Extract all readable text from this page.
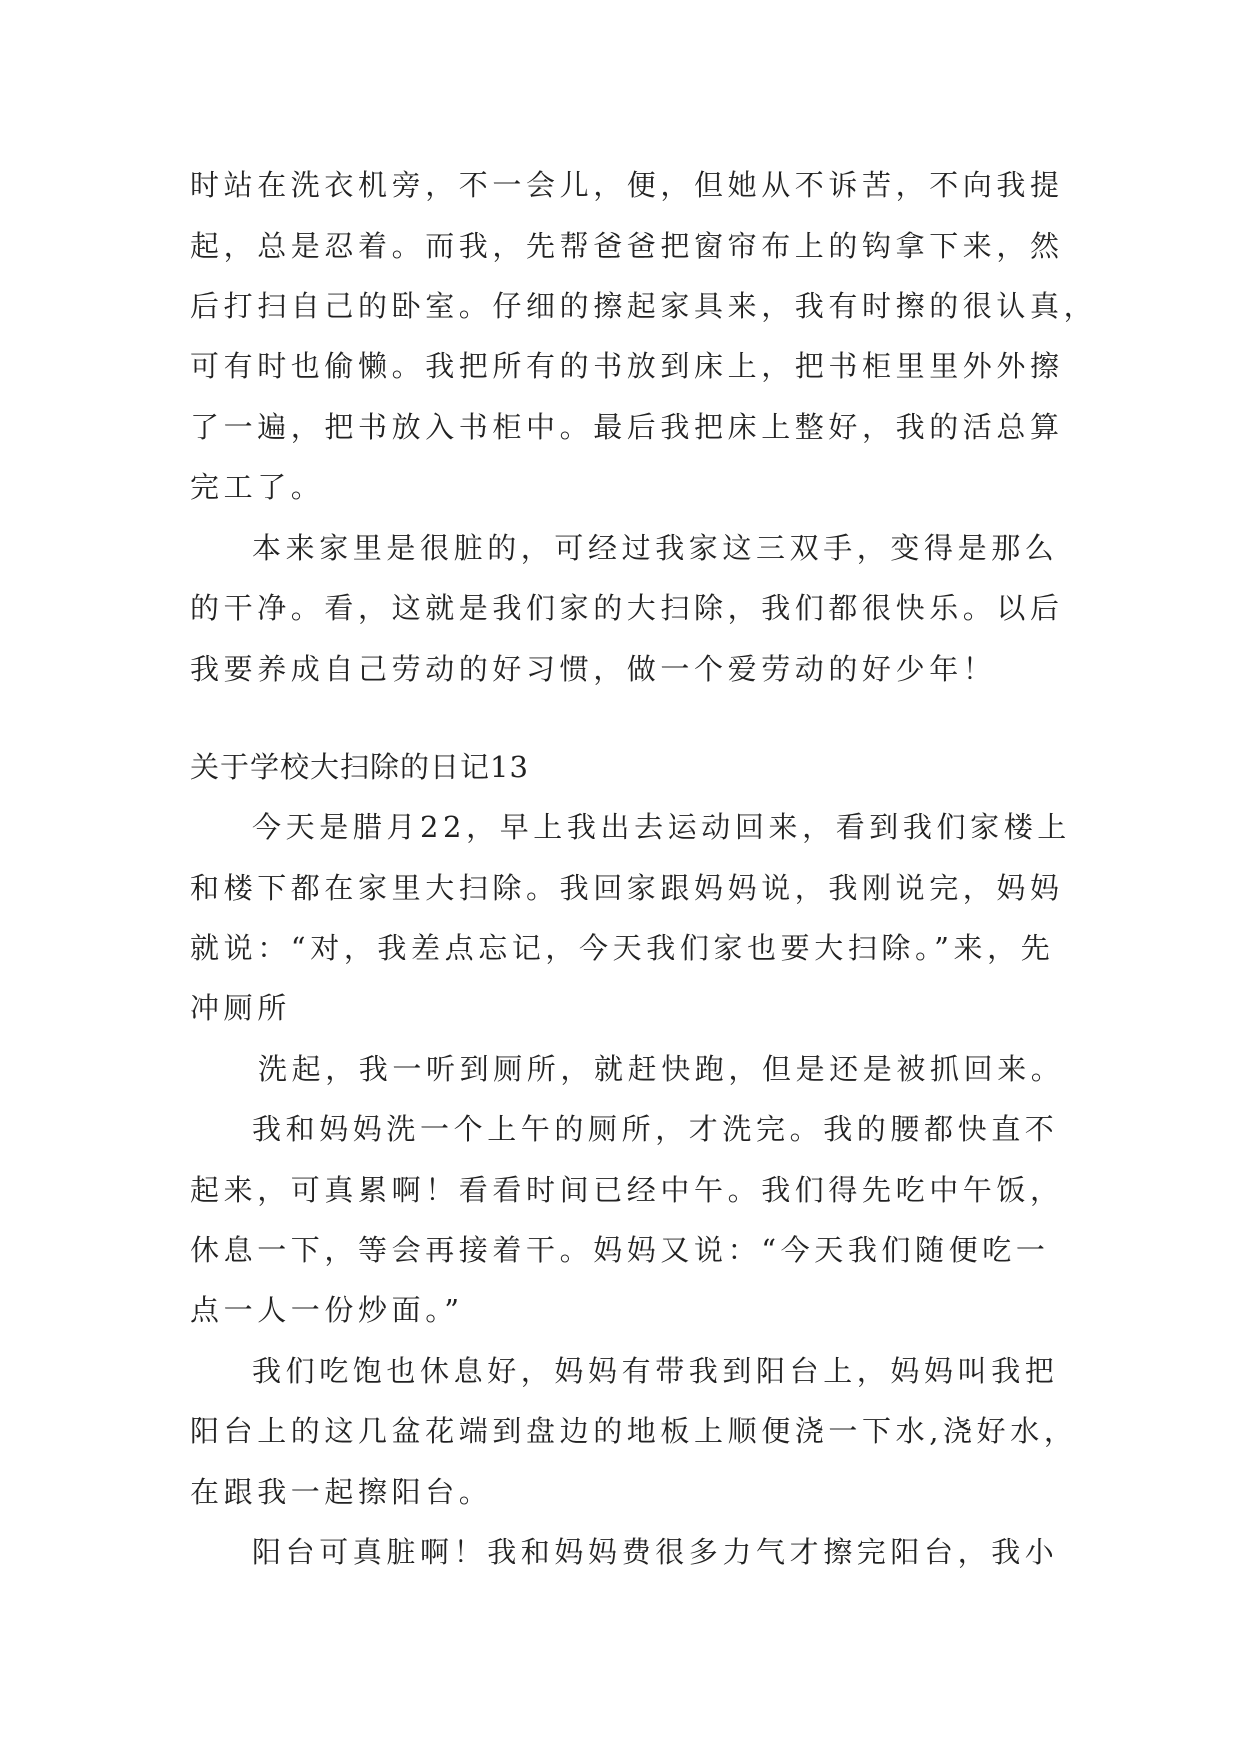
时站在洗衣机旁，不一会儿，便，但她从不诉苦，不向我提
起，总是忍着。而我，先帮爸爸把窗帘布上的钩拿下来，然
后打扫自己的卧室。仔细的擦起家具来，我有时擦的很认真，
可有时也偷懒。我把所有的书放到床上，把书柜里里外外擦
了一遍，把书放入书柜中。最后我把床上整好，我的活总算
完工了。
本来家里是很脏的，可经过我家这三双手，变得是那么
的干净。看，这就是我们家的大扫除，我们都很快乐。以后
我要养成自己劳动的好习惯，做一个爱劳动的好少年！
关于学校大扫除的日记13
今天是腊月22，早上我出去运动回来，看到我们家楼上
和楼下都在家里大扫除。我回家跟妈妈说，我刚说完，妈妈
就说：“对，我差点忘记，今天我们家也要大扫除。”来，先
冲厕所
洗起，我一听到厕所，就赶快跑，但是还是被抓回来。
我和妈妈洗一个上午的厕所，才洗完。我的腰都快直不
起来，可真累啊！看看时间已经中午。我们得先吃中午饭，
休息一下，等会再接着干。妈妈又说：“今天我们随便吃一
点一人一份炒面。”
我们吃饱也休息好，妈妈有带我到阳台上，妈妈叫我把
阳台上的这几盆花端到盘边的地板上顺便浇一下水,浇好水，
在跟我一起擦阳台。
阳台可真脏啊！我和妈妈费很多力气才擦完阳台，我小
